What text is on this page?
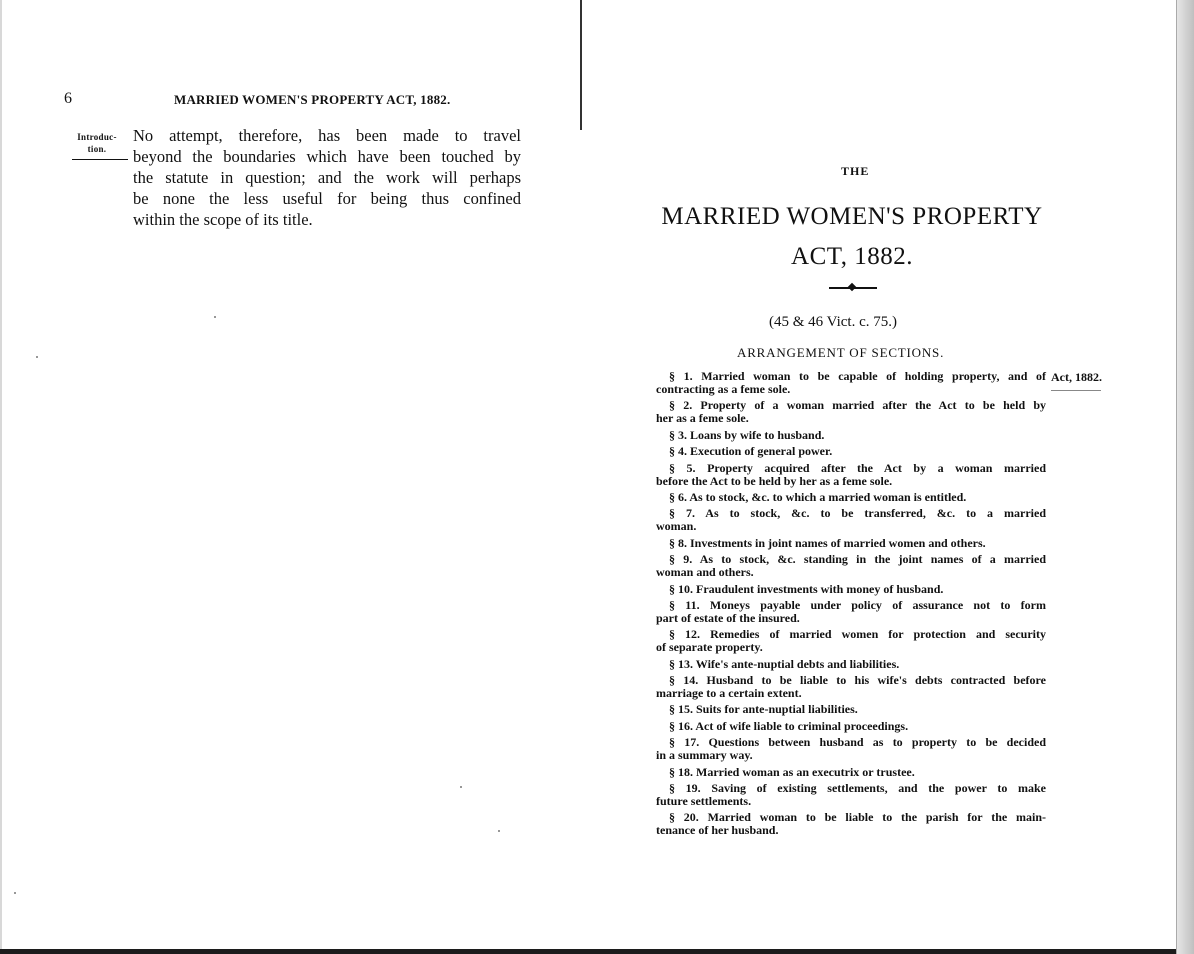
6	MARRIED WOMEN'S PROPERTY ACT, 1882.
Introduc-
tion.
No attempt, therefore, has been made to travel
beyond the boundaries which have been touched by
the statute in question; and the work will perhaps
be none the less useful for being thus confined
within the scope of its title.
THE
MARRIED WOMEN'S PROPERTY
ACT, 1882.
(45 & 46 Vict. c. 75.)
ARRANGEMENT OF SECTIONS.
Act, 1882.
§ 1. Married woman to be capable of holding property, and of
contracting as a feme sole.
§ 2. Property of a woman married after the Act to be held by
her as a feme sole.
§ 3. Loans by wife to husband.
§ 4. Execution of general power.
§ 5. Property acquired after the Act by a woman married
before the Act to be held by her as a feme sole.
§ 6. As to stock, &c. to which a married woman is entitled.
§ 7. As to stock, &c. to be transferred, &c. to a married
woman.
§ 8. Investments in joint names of married women and others.
§ 9. As to stock, &c. standing in the joint names of a married
woman and others.
§ 10. Fraudulent investments with money of husband.
§ 11. Moneys payable under policy of assurance not to form
part of estate of the insured.
§ 12. Remedies of married women for protection and security
of separate property.
§ 13. Wife's ante-nuptial debts and liabilities.
§ 14. Husband to be liable to his wife's debts contracted before
marriage to a certain extent.
§ 15. Suits for ante-nuptial liabilities.
§ 16. Act of wife liable to criminal proceedings.
§ 17. Questions between husband as to property to be decided
in a summary way.
§ 18. Married woman as an executrix or trustee.
§ 19. Saving of existing settlements, and the power to make
future settlements.
§ 20. Married woman to be liable to the parish for the main-
tenance of her husband.
